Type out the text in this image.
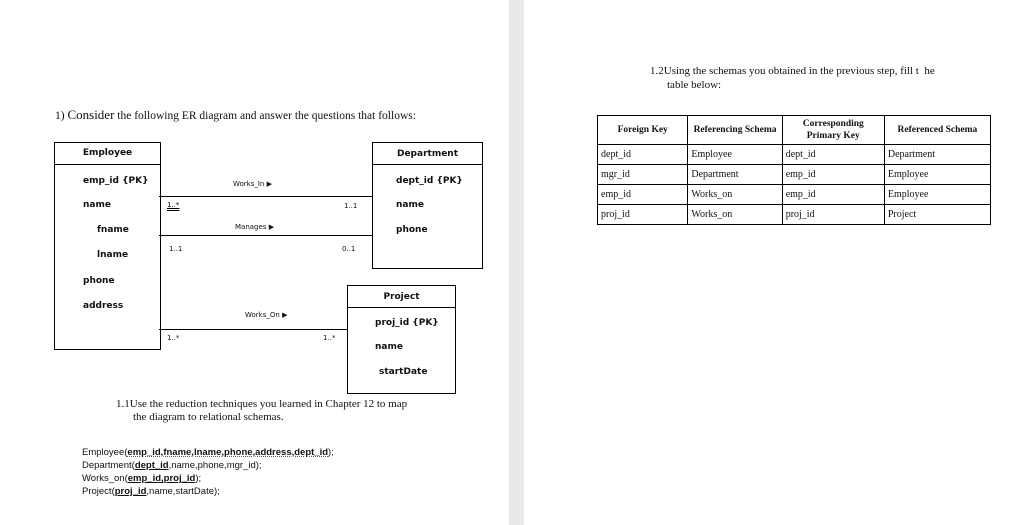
1) Consider the following ER diagram and answer the questions that follows:
Employee
emp_id {PK}
name
fname
lname
phone
address
Department
dept_id {PK}
name
phone
Project
proj_id {PK}
name
startDate
Works_In ▶
1..*	1..1
Manages ▶
1..1	0..1
Works_On ▶
1..*	1..*
1.1Use the reduction techniques you learned in Chapter 12 to map
the diagram to relational schemas.
Employee(emp_id,fname,lname,phone,address,dept_id);
Department(dept_id,name,phone,mgr_id);
Works_on(emp_id,proj_id);
Project(proj_id,name,startDate);
1.2Using the schemas you obtained in the previous step, fill t..he
table below:
Foreign Key	Referencing Schema	Corresponding Primary Key	Referenced Schema
dept_id	Employee	dept_id	Department
mgr_id	Department	emp_id	Employee
emp_id	Works_on	emp_id	Employee
proj_id	Works_on	proj_id	Project
